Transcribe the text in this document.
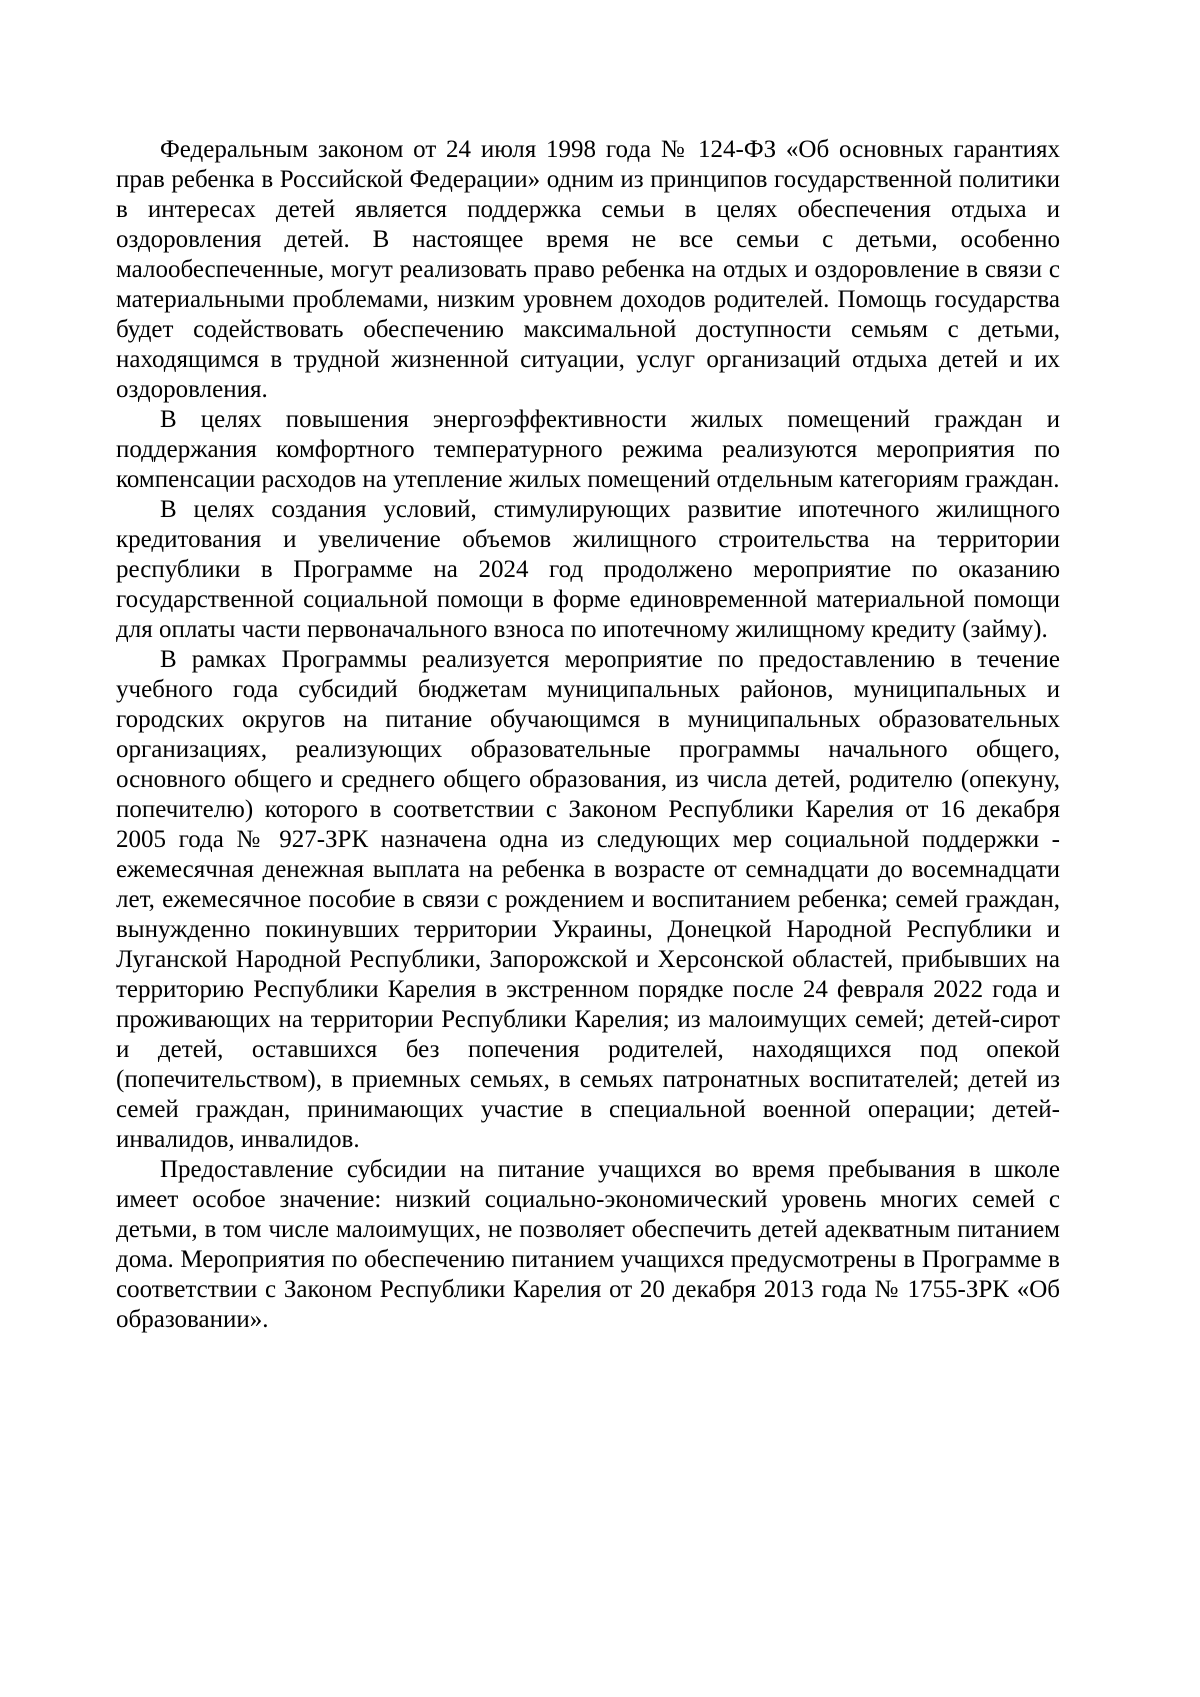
Федеральным законом от 24 июля 1998 года № 124-ФЗ «Об основных гарантиях прав ребенка в Российской Федерации» одним из принципов государственной политики в интересах детей является поддержка семьи в целях обеспечения отдыха и оздоровления детей. В настоящее время не все семьи с детьми, особенно малообеспеченные, могут реализовать право ребенка на отдых и оздоровление в связи с материальными проблемами, низким уровнем доходов родителей. Помощь государства будет содействовать обеспечению максимальной доступности семьям с детьми, находящимся в трудной жизненной ситуации, услуг организаций отдыха детей и их оздоровления.

В целях повышения энергоэффективности жилых помещений граждан и поддержания комфортного температурного режима реализуются мероприятия по компенсации расходов на утепление жилых помещений отдельным категориям граждан.

В целях создания условий, стимулирующих развитие ипотечного жилищного кредитования и увеличение объемов жилищного строительства на территории республики в Программе на 2024 год продолжено мероприятие по оказанию государственной социальной помощи в форме единовременной материальной помощи для оплаты части первоначального взноса по ипотечному жилищному кредиту (займу).

В рамках Программы реализуется мероприятие по предоставлению в течение учебного года субсидий бюджетам муниципальных районов, муниципальных и городских округов на питание обучающимся в муниципальных образовательных организациях, реализующих образовательные программы начального общего, основного общего и среднего общего образования, из числа детей, родителю (опекуну, попечителю) которого в соответствии с Законом Республики Карелия от 16 декабря 2005 года № 927-ЗРК назначена одна из следующих мер социальной поддержки - ежемесячная денежная выплата на ребенка в возрасте от семнадцати до восемнадцати лет, ежемесячное пособие в связи с рождением и воспитанием ребенка; семей граждан, вынужденно покинувших территории Украины, Донецкой Народной Республики и Луганской Народной Республики, Запорожской и Херсонской областей, прибывших на территорию Республики Карелия в экстренном порядке после 24 февраля 2022 года и проживающих на территории Республики Карелия; из малоимущих семей; детей-сирот и детей, оставшихся без попечения родителей, находящихся под опекой (попечительством), в приемных семьях, в семьях патронатных воспитателей; детей из семей граждан, принимающих участие в специальной военной операции; детей-инвалидов, инвалидов.

Предоставление субсидии на питание учащихся во время пребывания в школе имеет особое значение: низкий социально-экономический уровень многих семей с детьми, в том числе малоимущих, не позволяет обеспечить детей адекватным питанием дома. Мероприятия по обеспечению питанием учащихся предусмотрены в Программе в соответствии с Законом Республики Карелия от 20 декабря 2013 года № 1755-ЗРК «Об образовании».
